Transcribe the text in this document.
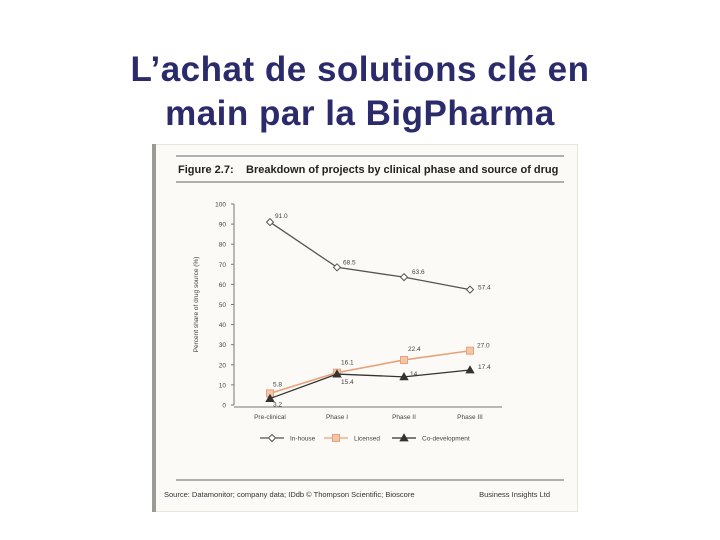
L’achat de solutions clé en
main par la BigPharma
Figure 2.7: Breakdown of projects by clinical phase and source of drug
0
10
20
30
40
50
60
70
80
90
100
Percent share of drug source (%)
Pre-clinical	Phase I	Phase II	Phase III
91.0
68.5
63.6
57.4
5.8
16.1
22.4	27.0
3.2
15.4
14
17.4
In-house	Licensed	Co-development
Source: Datamonitor; company data; IDdb © Thompson Scientific; Bioscore	Business Insights Ltd
